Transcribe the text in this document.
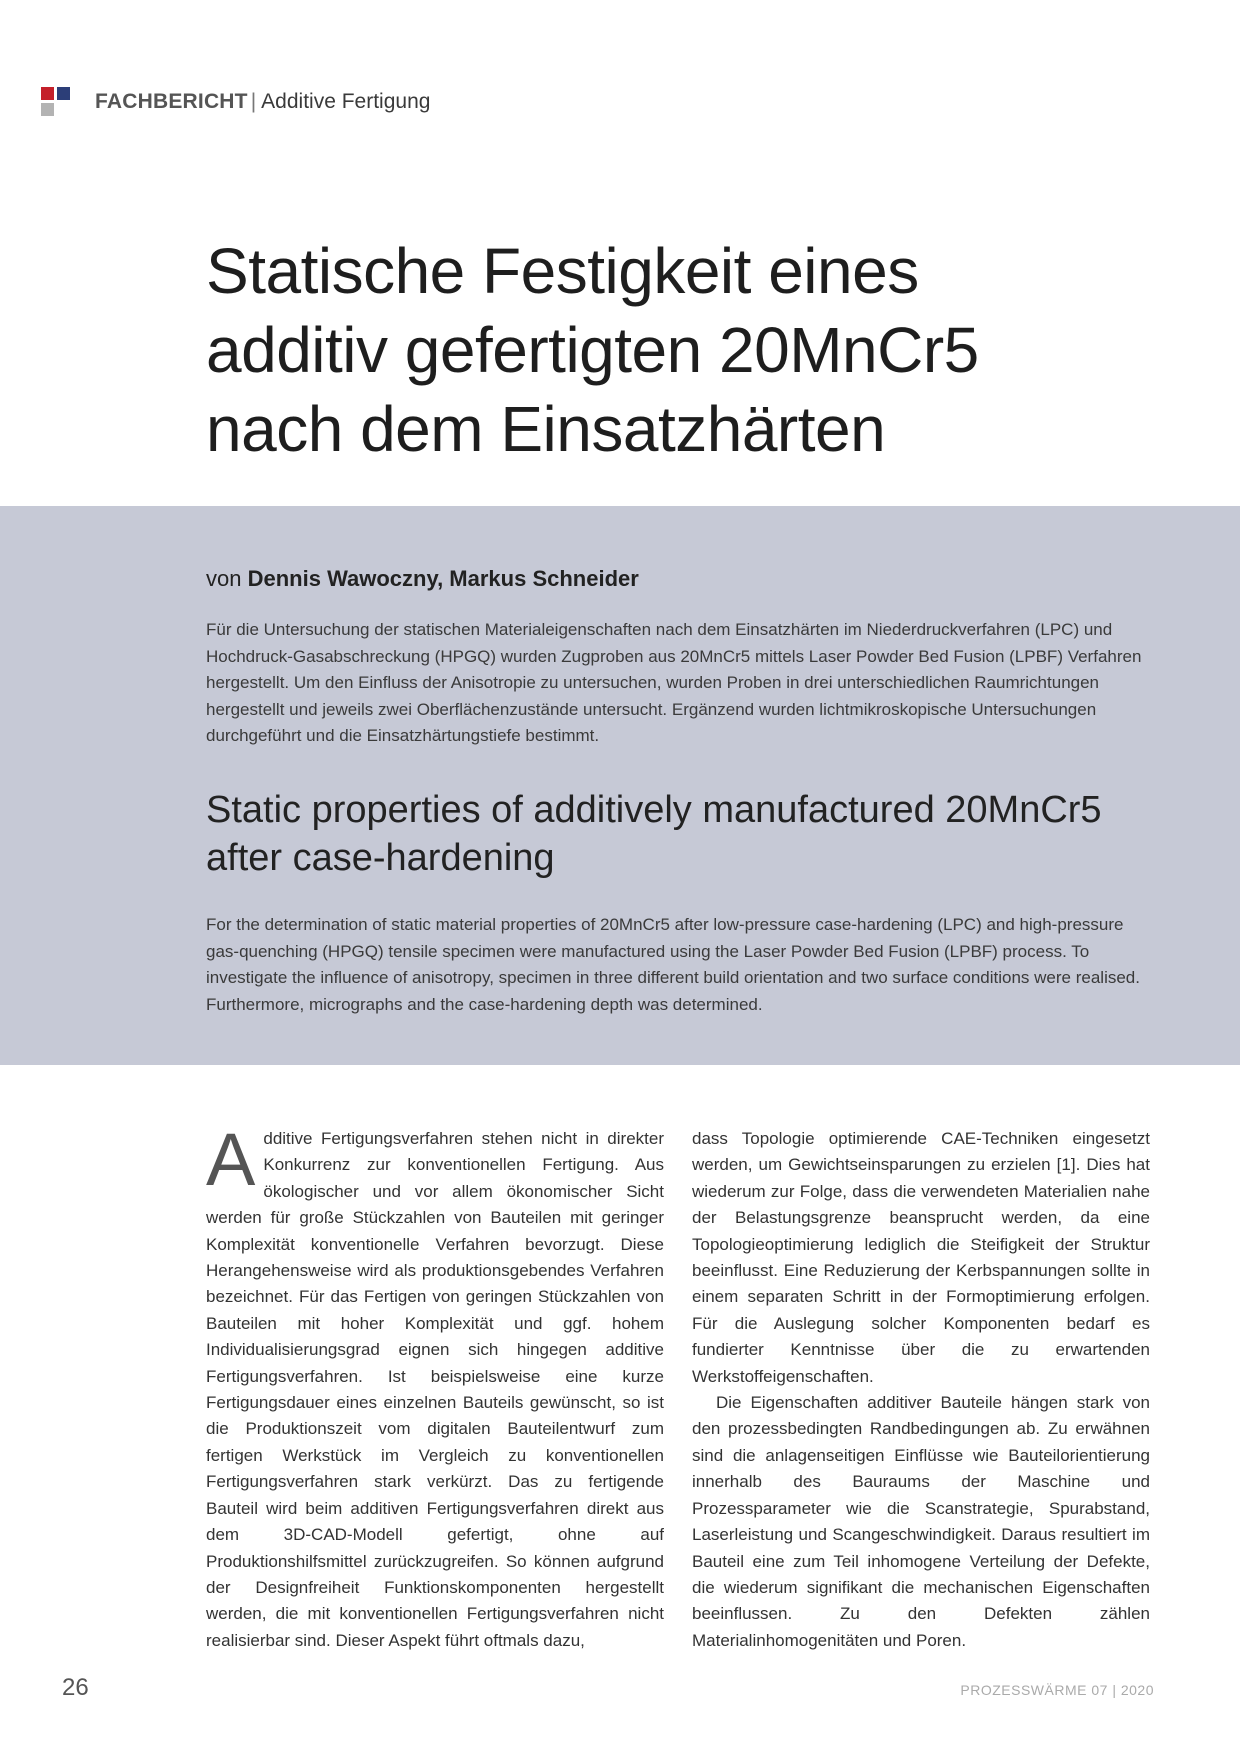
FACHBERICHT | Additive Fertigung
Statische Festigkeit eines
additiv gefertigten 20MnCr5
nach dem Einsatzhärten
von Dennis Wawoczny, Markus Schneider

Für die Untersuchung der statischen Materialeigenschaften nach dem Einsatzhärten im Niederdruckverfahren (LPC) und Hochdruck-Gasabschreckung (HPGQ) wurden Zugproben aus 20MnCr5 mittels Laser Powder Bed Fusion (LPBF) Verfahren hergestellt. Um den Einfluss der Anisotropie zu untersuchen, wurden Proben in drei unterschiedlichen Raumrichtungen hergestellt und jeweils zwei Oberflächenzustände untersucht. Ergänzend wurden lichtmikroskopische Untersuchungen durchgeführt und die Einsatzhärtungstiefe bestimmt.

Static properties of additively manufactured 20MnCr5
after case-hardening

For the determination of static material properties of 20MnCr5 after low-pressure case-hardening (LPC) and high-pressure gas-quenching (HPGQ) tensile specimen were manufactured using the Laser Powder Bed Fusion (LPBF) process. To investigate the influence of anisotropy, specimen in three different build orientation and two surface conditions were realised. Furthermore, micrographs and the case-hardening depth was determined.

Additive Fertigungsverfahren stehen nicht in direkter Konkurrenz zur konventionellen Fertigung. Aus ökologischer und vor allem ökonomischer Sicht werden für große Stückzahlen von Bauteilen mit geringer Komplexität konventionelle Verfahren bevorzugt. Diese Herangehensweise wird als produktionsgebendes Verfahren bezeichnet. Für das Fertigen von geringen Stückzahlen von Bauteilen mit hoher Komplexität und ggf. hohem Individualisierungsgrad eignen sich hingegen additive Fertigungsverfahren. Ist beispielsweise eine kurze Fertigungsdauer eines einzelnen Bauteils gewünscht, so ist die Produktionszeit vom digitalen Bauteilentwurf zum fertigen Werkstück im Vergleich zu konventionellen Fertigungsverfahren stark verkürzt. Das zu fertigende Bauteil wird beim additiven Fertigungsverfahren direkt aus dem 3D-CAD-Modell gefertigt, ohne auf Produktionshilfsmittel zurückzugreifen. So können aufgrund der Designfreiheit Funktionskomponenten hergestellt werden, die mit konventionellen Fertigungsverfahren nicht realisierbar sind. Dieser Aspekt führt oftmals dazu,

dass Topologie optimierende CAE-Techniken eingesetzt werden, um Gewichtseinsparungen zu erzielen [1]. Dies hat wiederum zur Folge, dass die verwendeten Materialien nahe der Belastungsgrenze beansprucht werden, da eine Topologieoptimierung lediglich die Steifigkeit der Struktur beeinflusst. Eine Reduzierung der Kerbspannungen sollte in einem separaten Schritt in der Formoptimierung erfolgen. Für die Auslegung solcher Komponenten bedarf es fundierter Kenntnisse über die zu erwartenden Werkstoffeigenschaften.

Die Eigenschaften additiver Bauteile hängen stark von den prozessbedingten Randbedingungen ab. Zu erwähnen sind die anlagenseitigen Einflüsse wie Bauteilorientierung innerhalb des Bauraums der Maschine und Prozessparameter wie die Scanstrategie, Spurabstand, Laserleistung und Scangeschwindigkeit. Daraus resultiert im Bauteil eine zum Teil inhomogene Verteilung der Defekte, die wiederum signifikant die mechanischen Eigenschaften beeinflussen. Zu den Defekten zählen Materialinhomogenitäten und Poren.

26	PROZESSWÄRME 07 | 2020
